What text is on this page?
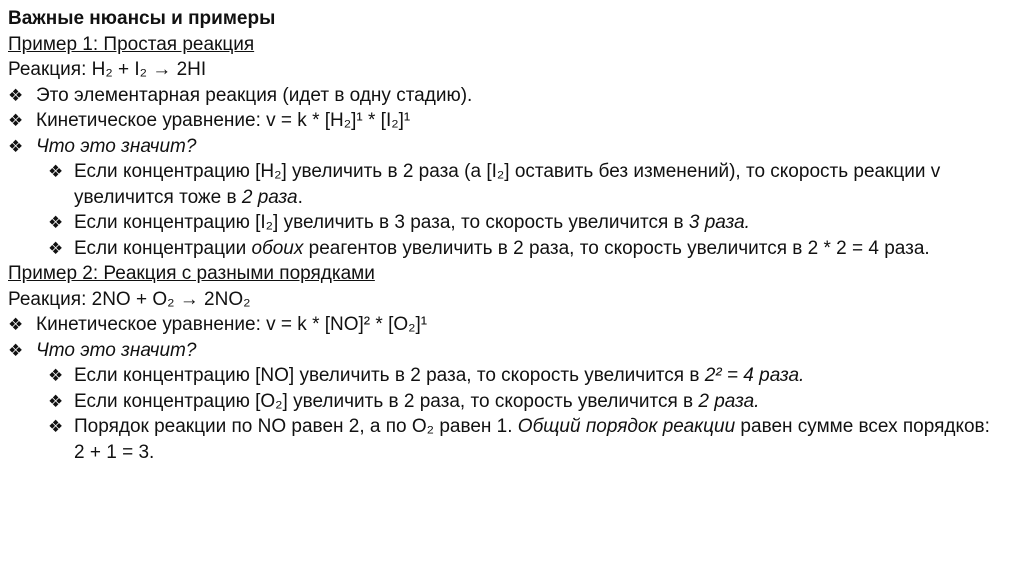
Важные нюансы и примеры
Пример 1: Простая реакция
Реакция: H₂ + I₂ → 2HI
❖ Это элементарная реакция (идет в одну стадию).
❖ Кинетическое уравнение: v = k * [H₂]¹ * [I₂]¹
❖ Что это значит?
❖ Если концентрацию [H₂] увеличить в 2 раза (а [I₂] оставить без изменений), то скорость реакции v
увеличится тоже в 2 раза.
❖ Если концентрацию [I₂] увеличить в 3 раза, то скорость увеличится в 3 раза.
❖ Если концентрации обоих реагентов увеличить в 2 раза, то скорость увеличится в 2 * 2 = 4 раза.
Пример 2: Реакция с разными порядками
Реакция: 2NO + O₂ → 2NO₂
❖ Кинетическое уравнение: v = k * [NO]² * [O₂]¹
❖ Что это значит?
❖ Если концентрацию [NO] увеличить в 2 раза, то скорость увеличится в 2² = 4 раза.
❖ Если концентрацию [O₂] увеличить в 2 раза, то скорость увеличится в 2 раза.
❖ Порядок реакции по NO равен 2, а по O₂ равен 1. Общий порядок реакции равен сумме всех порядков:
2 + 1 = 3.
